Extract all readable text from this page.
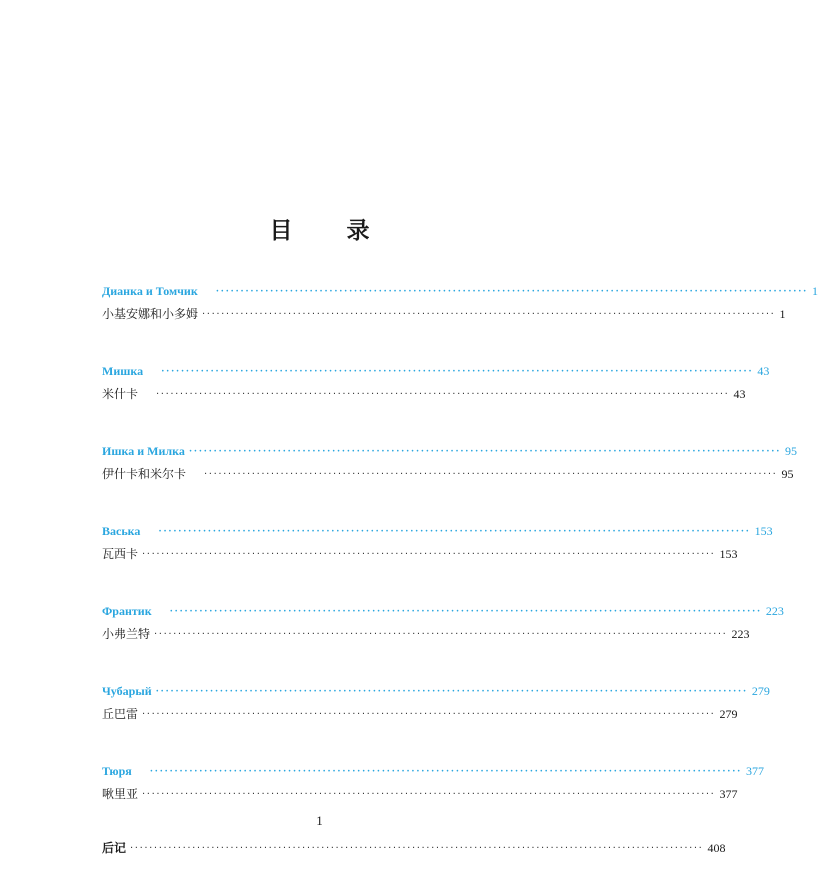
目 录
Дианка и Томчик ························································································································ 1
小基安娜和小多姆 ························································································································ 1
Мишка ························································································································ 43
米什卡 ························································································································ 43
Ишка и Милка ························································································································ 95
伊什卡和米尔卡 ························································································································ 95
Васька ························································································································ 153
瓦西卡 ························································································································ 153
Франтик ························································································································ 223
小弗兰特 ························································································································ 223
Чубарый ························································································································ 279
丘巴雷 ························································································································ 279
Тюря ························································································································ 377
啾里亚 ························································································································ 377
后记 ························································································································ 408
1
